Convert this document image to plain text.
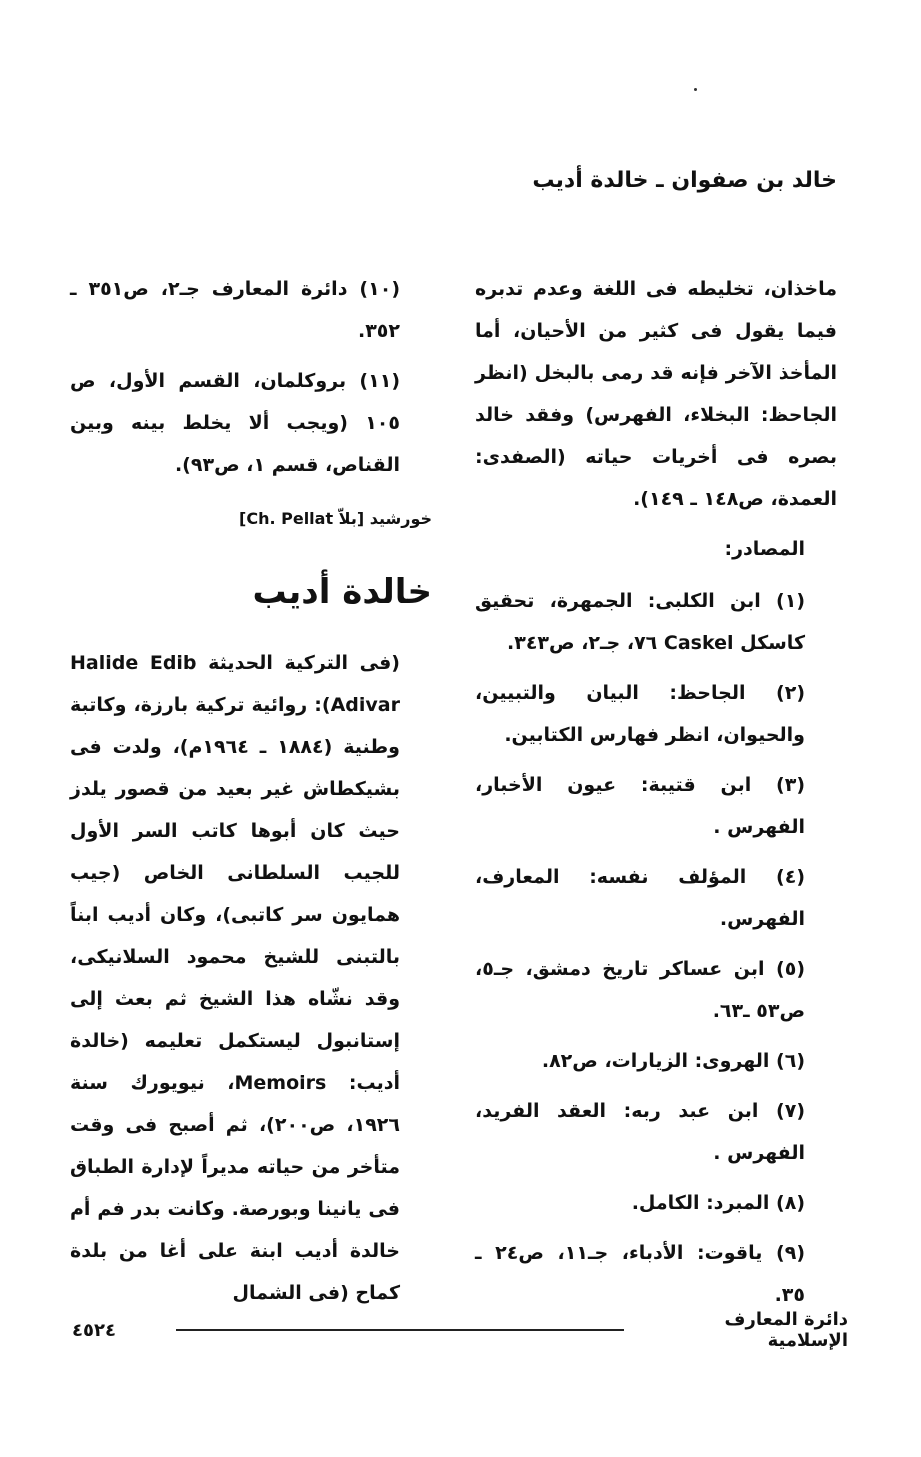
خالد بن صفوان ـ خالدة أديب

ماخذان، تخليطه فى اللغة وعدم تدبره فيما يقول فى كثير من الأحيان، أما المأخذ الآخر فإنه قد رمى بالبخل (انظر الجاحظ: البخلاء، الفهرس) وفقد خالد بصره فى أخريات حياته (الصفدى: العمدة، ص١٤٨ ـ ١٤٩).

المصادر:

(١) ابن الكلبى: الجمهرة، تحقيق كاسكل Caskel ٧٦، جـ٢، ص٣٤٣.

(٢) الجاحظ: البيان والتبيين، والحيوان، انظر فهارس الكتابين.

(٣) ابن قتيبة: عيون الأخبار، الفهرس .

(٤) المؤلف نفسه: المعارف، الفهرس.

(٥) ابن عساكر تاريخ دمشق، جـ٥، ص٥٣ ـ٦٣.

(٦) الهروى: الزيارات، ص٨٢.

(٧) ابن عبد ربه: العقد الفريد، الفهرس .

(٨) المبرد: الكامل.

(٩) ياقوت: الأدباء، جـ١١، ص٢٤ ـ ٣٥.

(١٠) دائرة المعارف جـ٢، ص٣٥١ ـ ٣٥٢.

(١١) بروكلمان، القسم الأول، ص ١٠٥ (ويجب ألا يخلط بينه وبين القناص، قسم ١، ص٩٣).

خورشيد [بلاّ Ch. Pellat]

خالدة أديب

(فى التركية الحديثة Halide Edib Adivar): روائية تركية بارزة، وكاتبة وطنية (١٨٨٤ ـ ١٩٦٤م)، ولدت فى بشيكطاش غير بعيد من قصور يلدز حيث كان أبوها كاتب السر الأول للجيب السلطانى الخاص (جيب همايون سر كاتبى)، وكان أديب ابناً بالتبنى للشيخ محمود السلانيكى، وقد نشّاه هذا الشيخ ثم بعث إلى إستانبول ليستكمل تعليمه (خالدة أديب: Memoirs، نيويورك سنة ١٩٢٦، ص٢٠٠)، ثم أصبح فى وقت متأخر من حياته مديراً لإدارة الطباق فى يانينا وبورصة. وكانت بدر فم أم خالدة أديب ابنة على أغا من بلدة كماح (فى الشمال

٤٥٢٤	دائرة المعارف الإسلامية
